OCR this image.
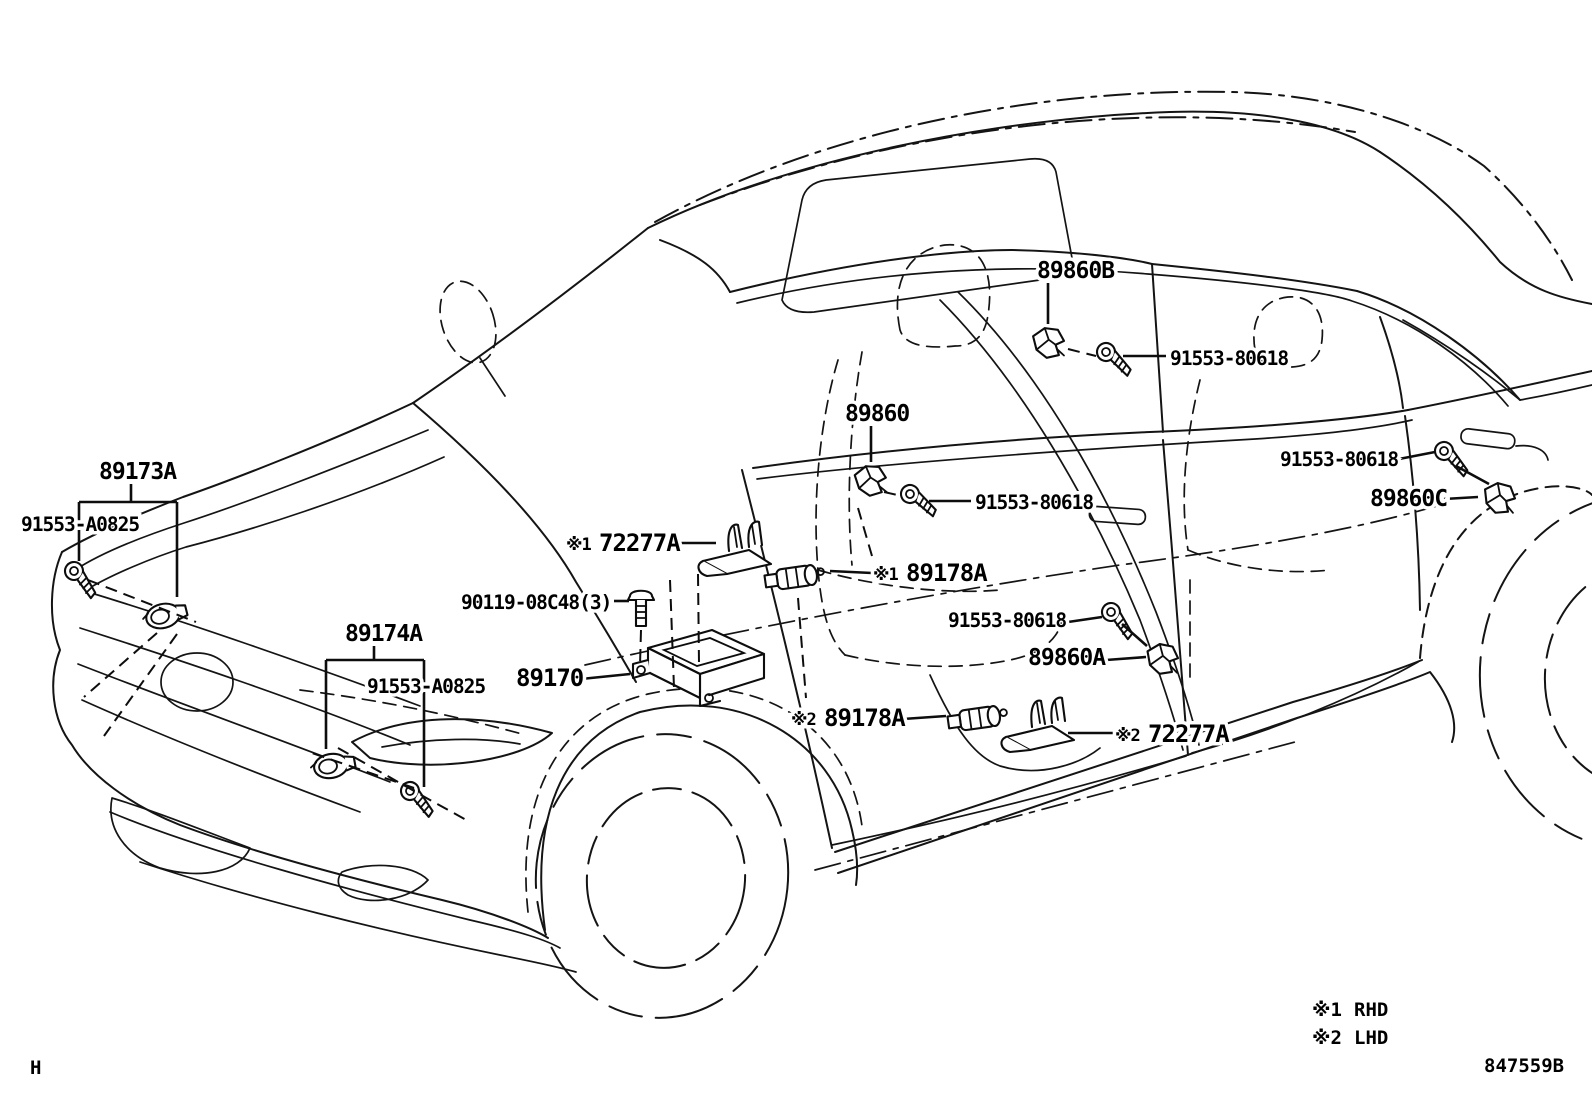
89173A
91553-A0825
89174A
91553-A0825
90119-08C48(3)
89170
※1 72277A
※1 89178A
※2 89178A
※2 72277A
89860
89860B
91553-80618
91553-80618
91553-80618
89860C
91553-80618
89860A
※1 RHD
※2 LHD
H	847559B
